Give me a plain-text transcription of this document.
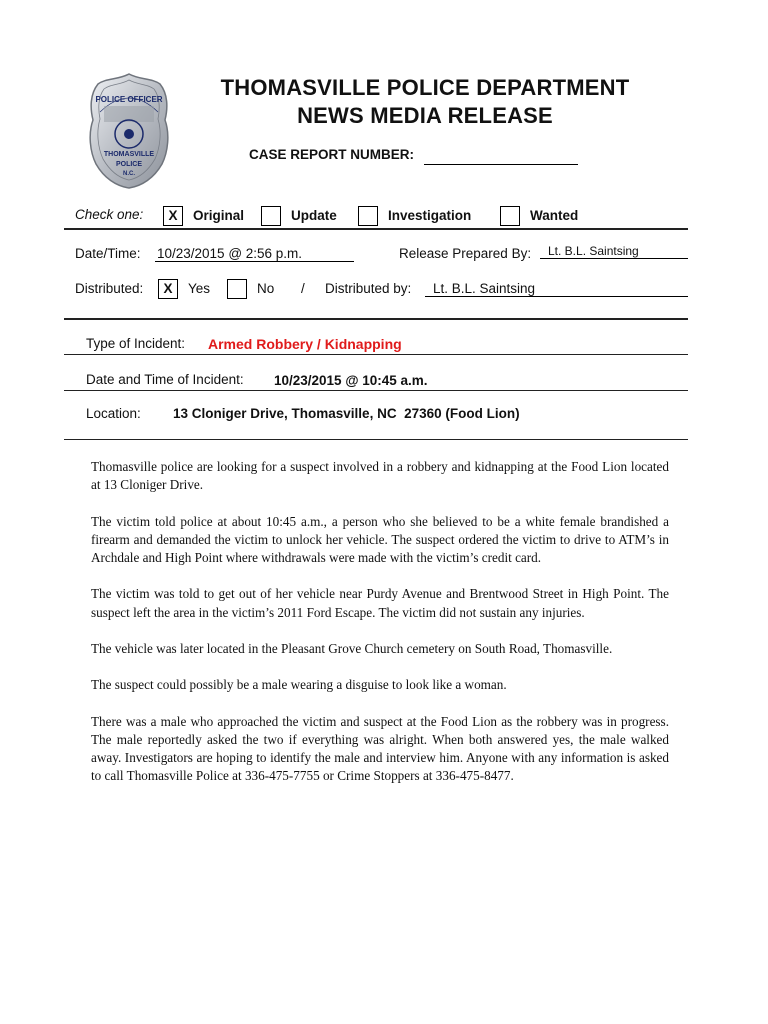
POLICE OFFICER
THOMASVILLE
POLICE
N.C.
THOMASVILLE POLICE DEPARTMENT
NEWS MEDIA RELEASE
CASE REPORT NUMBER:
Check one:	X	Original	Update	Investigation	Wanted
Date/Time: 10/23/2015 @ 2:56 p.m.	Release Prepared By:	Lt. B.L. Saintsing
Distributed:	X	Yes	No / Distributed by:	Lt. B.L. Saintsing
Type of Incident: Armed Robbery / Kidnapping
Date and Time of Incident: 10/23/2015 @ 10:45 a.m.
Location: 13 Cloniger Drive, Thomasville, NC  27360 (Food Lion)

Thomasville police are looking for a suspect involved in a robbery and kidnapping at the Food Lion located at 13 Cloniger Drive.

The victim told police at about 10:45 a.m., a person who she believed to be a white female brandished a firearm and demanded the victim to unlock her vehicle. The suspect ordered the victim to drive to ATM’s in Archdale and High Point where withdrawals were made with the victim’s credit card.

The victim was told to get out of her vehicle near Purdy Avenue and Brentwood Street in High Point. The suspect left the area in the victim’s 2011 Ford Escape. The victim did not sustain any injuries.

The vehicle was later located in the Pleasant Grove Church cemetery on South Road, Thomasville.

The suspect could possibly be a male wearing a disguise to look like a woman.

There was a male who approached the victim and suspect at the Food Lion as the robbery was in progress. The male reportedly asked the two if everything was alright. When both answered yes, the male walked away. Investigators are hoping to identify the male and interview him. Anyone with any information is asked to call Thomasville Police at 336-475-7755 or Crime Stoppers at 336-475-8477.
